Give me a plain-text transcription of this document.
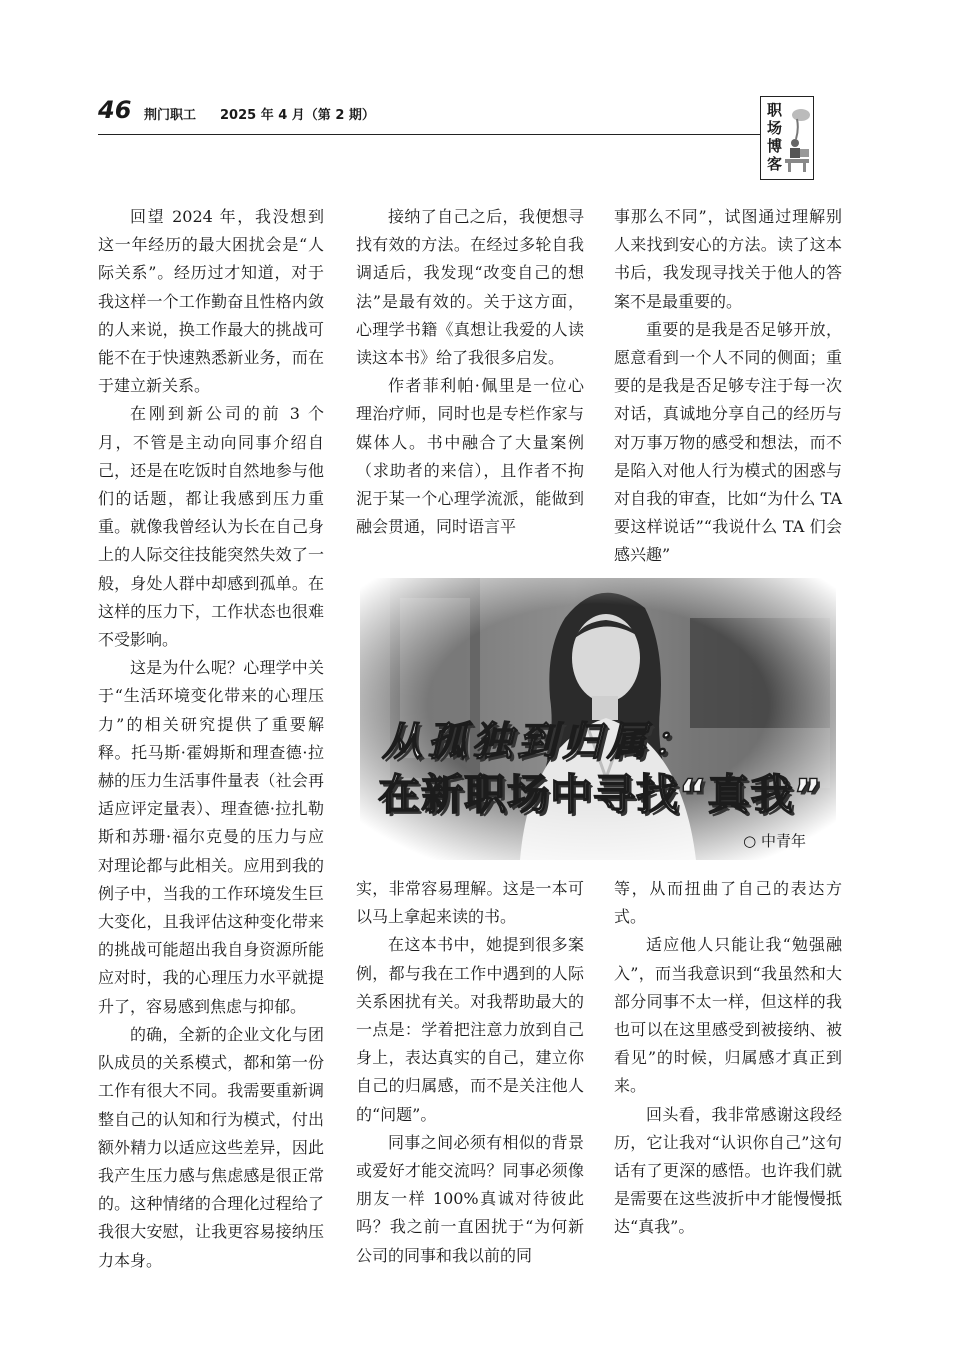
46 荆门职工 2025 年 4 月（第 2 期）	职场博客

回望 2024 年，我没想到这一年经历的最大困扰会是“人际关系”。经历过才知道，对于我这样一个工作勤奋且性格内敛的人来说，换工作最大的挑战可能不在于快速熟悉新业务，而在于建立新关系。

在刚到新公司的前 3 个月，不管是主动向同事介绍自己，还是在吃饭时自然地参与他们的话题，都让我感到压力重重。就像我曾经认为长在自己身上的人际交往技能突然失效了一般，身处人群中却感到孤单。在这样的压力下，工作状态也很难不受影响。

这是为什么呢？心理学中关于“生活环境变化带来的心理压力”的相关研究提供了重要解释。托马斯·霍姆斯和理查德·拉赫的压力生活事件量表（社会再适应评定量表）、理查德·拉扎勒斯和苏珊·福尔克曼的压力与应对理论都与此相关。应用到我的例子中，当我的工作环境发生巨大变化，且我评估这种变化带来的挑战可能超出我自身资源所能应对时，我的心理压力水平就提升了，容易感到焦虑与抑郁。

的确，全新的企业文化与团队成员的关系模式，都和第一份工作有很大不同。我需要重新调整自己的认知和行为模式，付出额外精力以适应这些差异，因此我产生压力感与焦虑感是很正常的。这种情绪的合理化过程给了我很大安慰，让我更容易接纳压力本身。

接纳了自己之后，我便想寻找有效的方法。在经过多轮自我调适后，我发现“改变自己的想法”是最有效的。关于这方面，心理学书籍《真想让我爱的人读读这本书》给了我很多启发。

作者菲利帕·佩里是一位心理治疗师，同时也是专栏作家与媒体人。书中融合了大量案例（求助者的来信），且作者不拘泥于某一个心理学流派，能做到融会贯通，同时语言平

事那么不同”，试图通过理解别人来找到安心的方法。读了这本书后，我发现寻找关于他人的答案不是最重要的。

重要的是我是否足够开放，愿意看到一个人不同的侧面；重要的是我是否足够专注于每一次对话，真诚地分享自己的经历与对万事万物的感受和想法，而不是陷入对他人行为模式的困惑与对自我的审查，比如“为什么 TA 要这样说话”“我说什么 TA 们会感兴趣”

从孤独到归属：
在新职场中寻找“真我”
○ 中青年

实，非常容易理解。这是一本可以马上拿起来读的书。

在这本书中，她提到很多案例，都与我在工作中遇到的人际关系困扰有关。对我帮助最大的一点是：学着把注意力放到自己身上，表达真实的自己，建立你自己的归属感，而不是关注他人的“问题”。

同事之间必须有相似的背景或爱好才能交流吗？同事必须像朋友一样 100%真诚对待彼此吗？我之前一直困扰于“为何新公司的同事和我以前的同

等，从而扭曲了自己的表达方式。

适应他人只能让我“勉强融入”，而当我意识到“我虽然和大部分同事不太一样，但这样的我也可以在这里感受到被接纳、被看见”的时候，归属感才真正到来。

回头看，我非常感谢这段经历，它让我对“认识你自己”这句话有了更深的感悟。也许我们就是需要在这些波折中才能慢慢抵达“真我”。
